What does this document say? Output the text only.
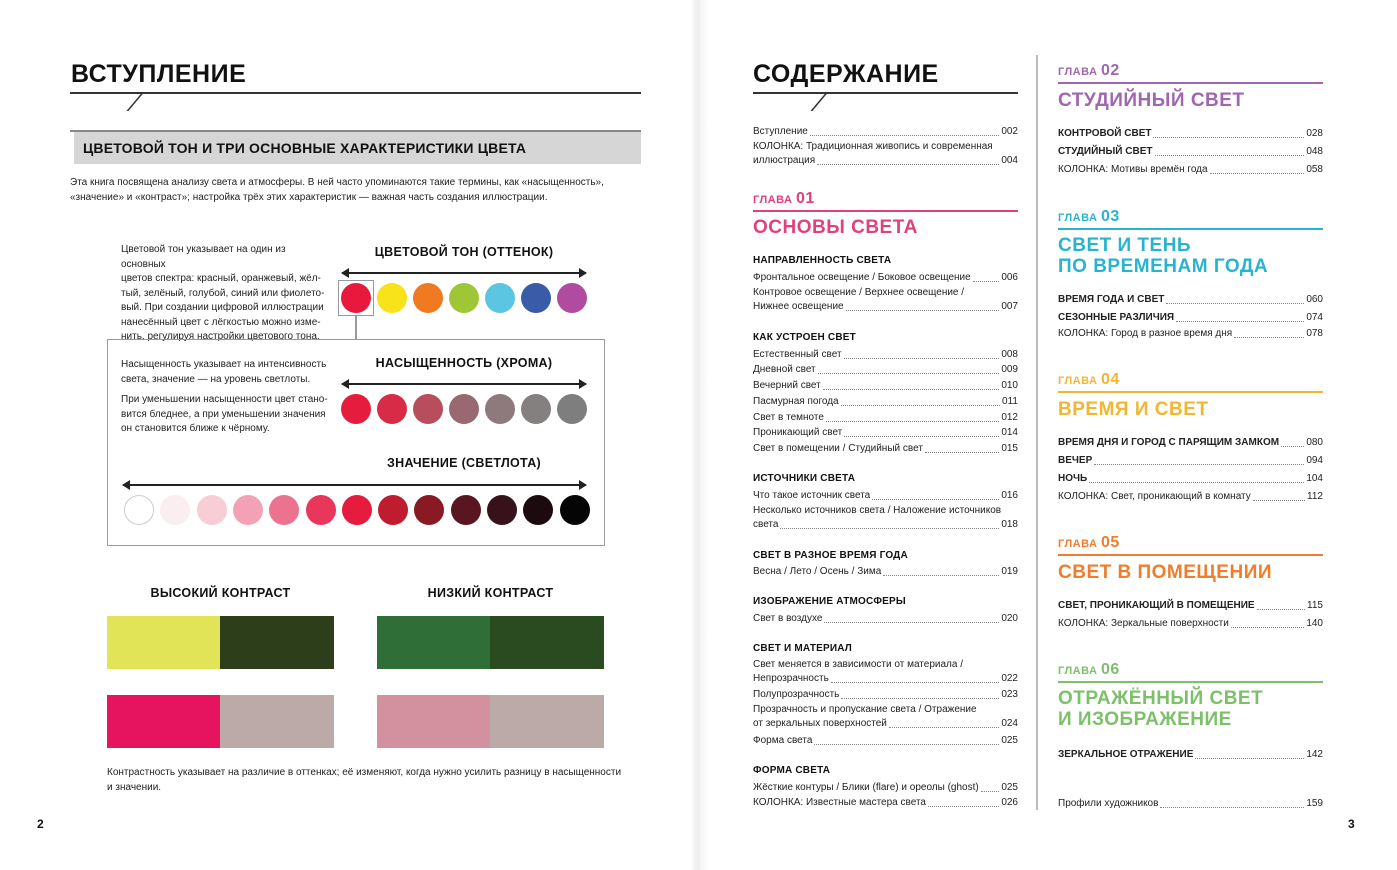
ВСТУПЛЕНИЕ
ЦВЕТОВОЙ ТОН И ТРИ ОСНОВНЫЕ ХАРАКТЕРИСТИКИ ЦВЕТА
Эта книга посвящена анализу света и атмосферы. В ней часто упоминаются такие термины, как «насыщенность»,
«значение» и «контраст»; настройка трёх этих характеристик — важная часть создания иллюстрации.
Цветовой тон указывает на один из основных
цветов спектра: красный, оранжевый, жёл-
тый, зелёный, голубой, синий или фиолето-
вый. При создании цифровой иллюстрации
нанесённый цвет с лёгкостью можно изме-
нить, регулируя настройки цветового тона.
ЦВЕТОВОЙ ТОН (ОТТЕНОК)
Насыщенность указывает на интенсивность
света, значение — на уровень светлоты.
При уменьшении насыщенности цвет стано-
вится бледнее, а при уменьшении значения
он становится ближе к чёрному.
НАСЫЩЕННОСТЬ (ХРОМА)
ЗНАЧЕНИЕ (СВЕТЛОТА)
ВЫСОКИЙ КОНТРАСТ	НИЗКИЙ КОНТРАСТ
Контрастность указывает на различие в оттенках; её изменяют, когда нужно усилить разницу в насыщенности
и значении.
2
СОДЕРЖАНИЕ
3
Вступление	002
КОЛОНКА: Традиционная живопись и современная
иллюстрация	004
ГЛАВА 01
ОСНОВЫ СВЕТА
НАПРАВЛЕННОСТЬ СВЕТА
Фронтальное освещение / Боковое освещение	006
Контровое освещение / Верхнее освещение /
Нижнее освещение	007
КАК УСТРОЕН СВЕТ
Естественный свет	008
Дневной свет	009
Вечерний свет	010
Пасмурная погода	011
Свет в темноте	012
Проникающий свет	014
Свет в помещении / Студийный свет	015
ИСТОЧНИКИ СВЕТА
Что такое источник света	016
Несколько источников света / Наложение источников
света	018
СВЕТ В РАЗНОЕ ВРЕМЯ ГОДА
Весна / Лето / Осень / Зима	019
ИЗОБРАЖЕНИЕ АТМОСФЕРЫ
Свет в воздухе	020
СВЕТ И МАТЕРИАЛ
Свет меняется в зависимости от материала /
Непрозрачность	022
Полупрозрачность	023
Прозрачность и пропускание света / Отражение
от зеркальных поверхностей	024
Форма света	025
ФОРМА СВЕТА
Жёсткие контуры / Блики (flare) и ореолы (ghost) 025
КОЛОНКА: Известные мастера света	026
ГЛАВА 02
СТУДИЙНЫЙ СВЕТ
КОНТРОВОЙ СВЕТ	028
СТУДИЙНЫЙ СВЕТ	048
КОЛОНКА: Мотивы времён года	058
ГЛАВА 03
СВЕТ И ТЕНЬ
ПО ВРЕМЕНАМ ГОДА
ВРЕМЯ ГОДА И СВЕТ	060
СЕЗОННЫЕ РАЗЛИЧИЯ	074
КОЛОНКА: Город в разное время дня	078
ГЛАВА 04
ВРЕМЯ И СВЕТ
ВРЕМЯ ДНЯ И ГОРОД С ПАРЯЩИМ ЗАМКОМ	080
ВЕЧЕР	094
НОЧЬ	104
КОЛОНКА: Свет, проникающий в комнату	112
ГЛАВА 05
СВЕТ В ПОМЕЩЕНИИ
СВЕТ, ПРОНИКАЮЩИЙ В ПОМЕЩЕНИЕ	115
КОЛОНКА: Зеркальные поверхности	140
ГЛАВА 06
ОТРАЖЁННЫЙ СВЕТ
И ИЗОБРАЖЕНИЕ
ЗЕРКАЛЬНОЕ ОТРАЖЕНИЕ	142
Профили художников	159
